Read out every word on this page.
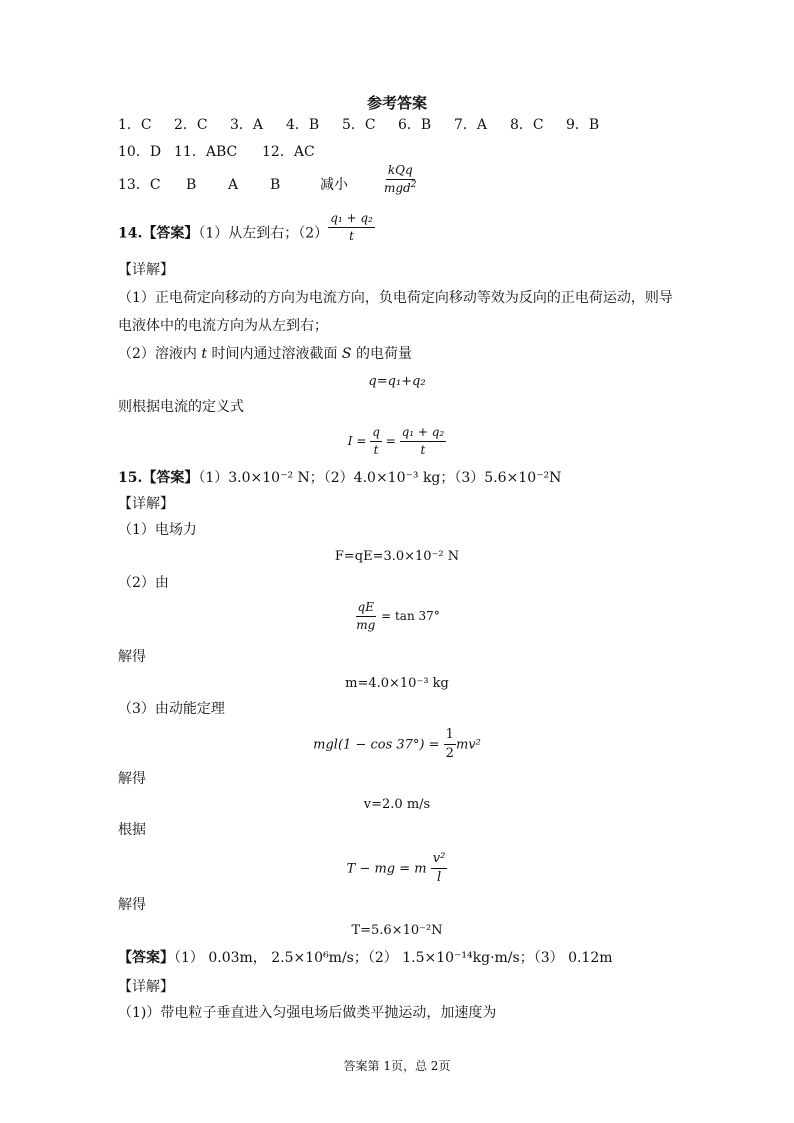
参考答案
1．C 2．C 3．A 4．B 5．C 6．B 7．A 8．C 9．B
10．D 11．ABC 12．AC
13．C B A B	减小	$\frac{\text{kQq}}{mgd^2}$
14.【答案】（1）从左到右；$(2) \frac{\text{q₁ + q₂}}{t}$
【详解】
（1）正电荷定向移动的方向为电流方向，负电荷定向移动等效为反向的正电荷运动，则导
电液体中的电流方向为从左到右；
（2）溶液内 t 时间内通过溶液截面 S 的电荷量
q=q₁+q₂
则根据电流的定义式
$I = \frac{q}{t} = \frac{\text{q₁ + q₂}}{t}$
15.【答案】（1）3.0×10⁻² N；（2）4.0×10⁻³ kg；（3）5.6×10⁻²N
【详解】
（1）电场力
F=qE=3.0×10⁻² N
（2）由
$\frac{qE}{mg} = \tan 37^\circ$
解得
m=4.0×10⁻³ kg
（3）由动能定理
$mgl(1 - \cos 37^\circ) = \frac{1}{2} mv^2$
解得
v=2.0 m/s
根据
T − mg = m $\frac{\text{v²}}{l}$
解得
T=5.6×10⁻²N
【答案】（1） 0.03m， 2.5×10⁶m/s；（2） 1.5×10⁻¹⁴kg·m/s；（3） 0.12m
【详解】
（1)）带电粒子垂直进入匀强电场后做类平抛运动，加速度为
答案第 1页，总 2页
